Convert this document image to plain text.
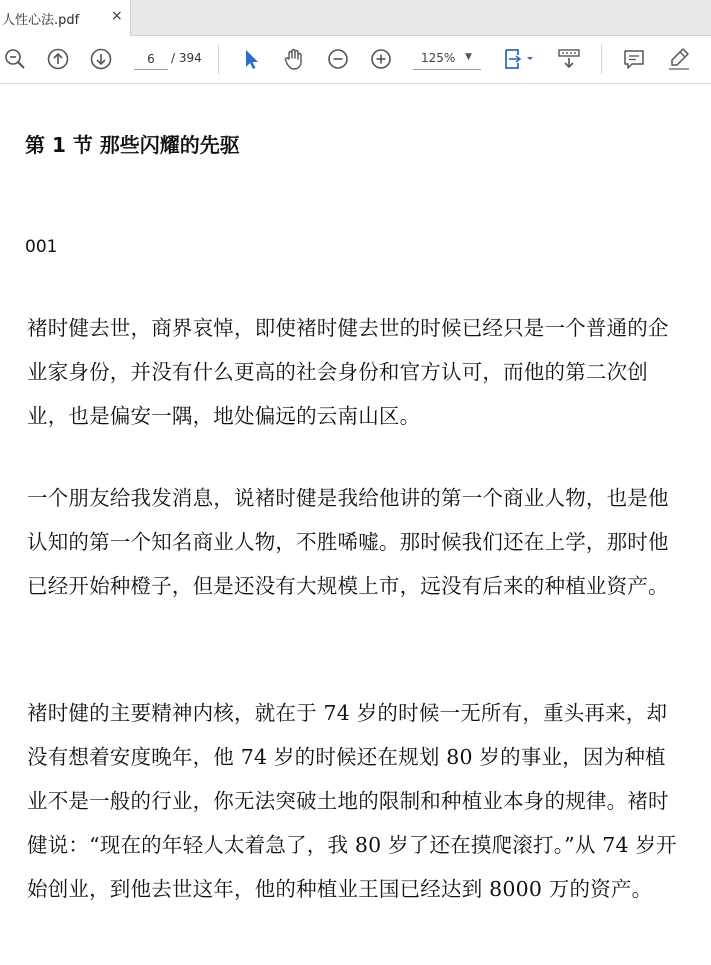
人性心法.pdf ×
6
/ 394	125% ▼
第 1 节 那些闪耀的先驱
001
褚时健去世，商界哀悼，即使褚时健去世的时候已经只是一个普通的企业家身份，并没有什么更高的社会身份和官方认可，而他的第二次创业，也是偏安一隅，地处偏远的云南山区。
一个朋友给我发消息，说褚时健是我给他讲的第一个商业人物，也是他认知的第一个知名商业人物，不胜唏嘘。那时候我们还在上学，那时他已经开始种橙子，但是还没有大规模上市，远没有后来的种植业资产。
褚时健的主要精神内核，就在于 74 岁的时候一无所有，重头再来，却没有想着安度晚年，他 74 岁的时候还在规划 80 岁的事业，因为种植业不是一般的行业，你无法突破土地的限制和种植业本身的规律。褚时健说：“现在的年轻人太着急了，我 80 岁了还在摸爬滚打。”从 74 岁开始创业，到他去世这年，他的种植业王国已经达到 8000 万的资产。
